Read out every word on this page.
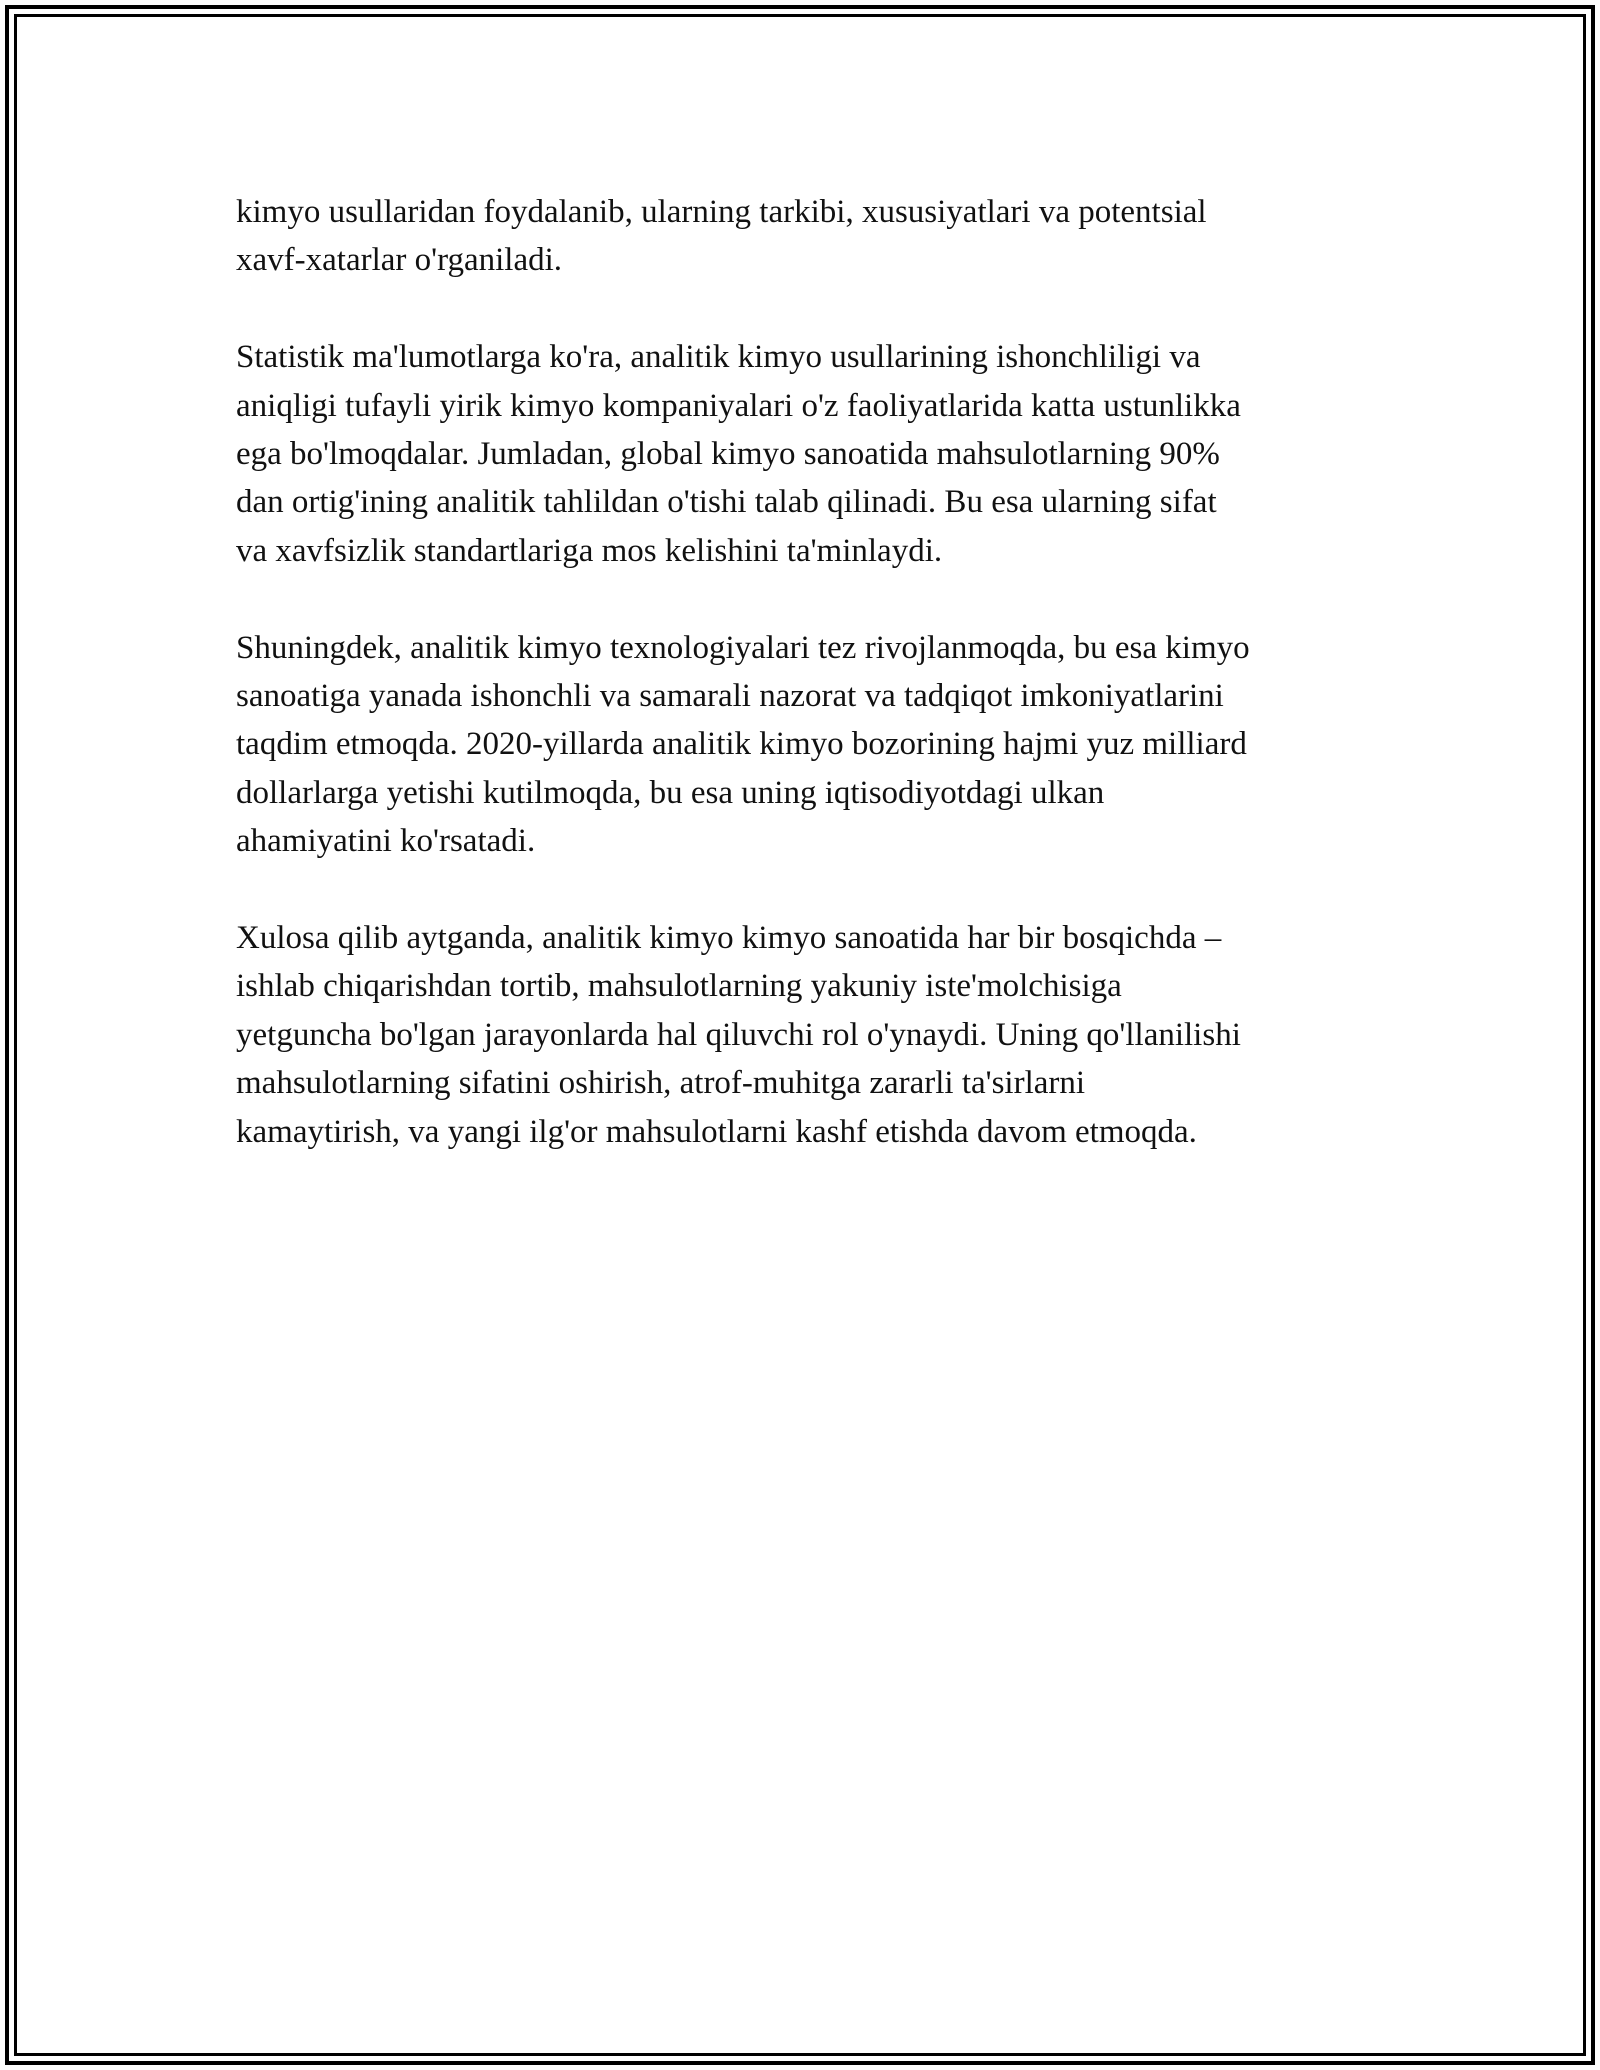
kimyo usullaridan foydalanib, ularning tarkibi, xususiyatlari va potentsial
xavf-xatarlar o'rganiladi.

Statistik ma'lumotlarga ko'ra, analitik kimyo usullarining ishonchliligi va
aniqligi tufayli yirik kimyo kompaniyalari o'z faoliyatlarida katta ustunlikka
ega bo'lmoqdalar. Jumladan, global kimyo sanoatida mahsulotlarning 90%
dan ortig'ining analitik tahlildan o'tishi talab qilinadi. Bu esa ularning sifat
va xavfsizlik standartlariga mos kelishini ta'minlaydi.

Shuningdek, analitik kimyo texnologiyalari tez rivojlanmoqda, bu esa kimyo
sanoatiga yanada ishonchli va samarali nazorat va tadqiqot imkoniyatlarini
taqdim etmoqda. 2020-yillarda analitik kimyo bozorining hajmi yuz milliard
dollarlarga yetishi kutilmoqda, bu esa uning iqtisodiyotdagi ulkan
ahamiyatini ko'rsatadi.

Xulosa qilib aytganda, analitik kimyo kimyo sanoatida har bir bosqichda –
ishlab chiqarishdan tortib, mahsulotlarning yakuniy iste'molchisiga
yetguncha bo'lgan jarayonlarda hal qiluvchi rol o'ynaydi. Uning qo'llanilishi
mahsulotlarning sifatini oshirish, atrof-muhitga zararli ta'sirlarni
kamaytirish, va yangi ilg'or mahsulotlarni kashf etishda davom etmoqda.
